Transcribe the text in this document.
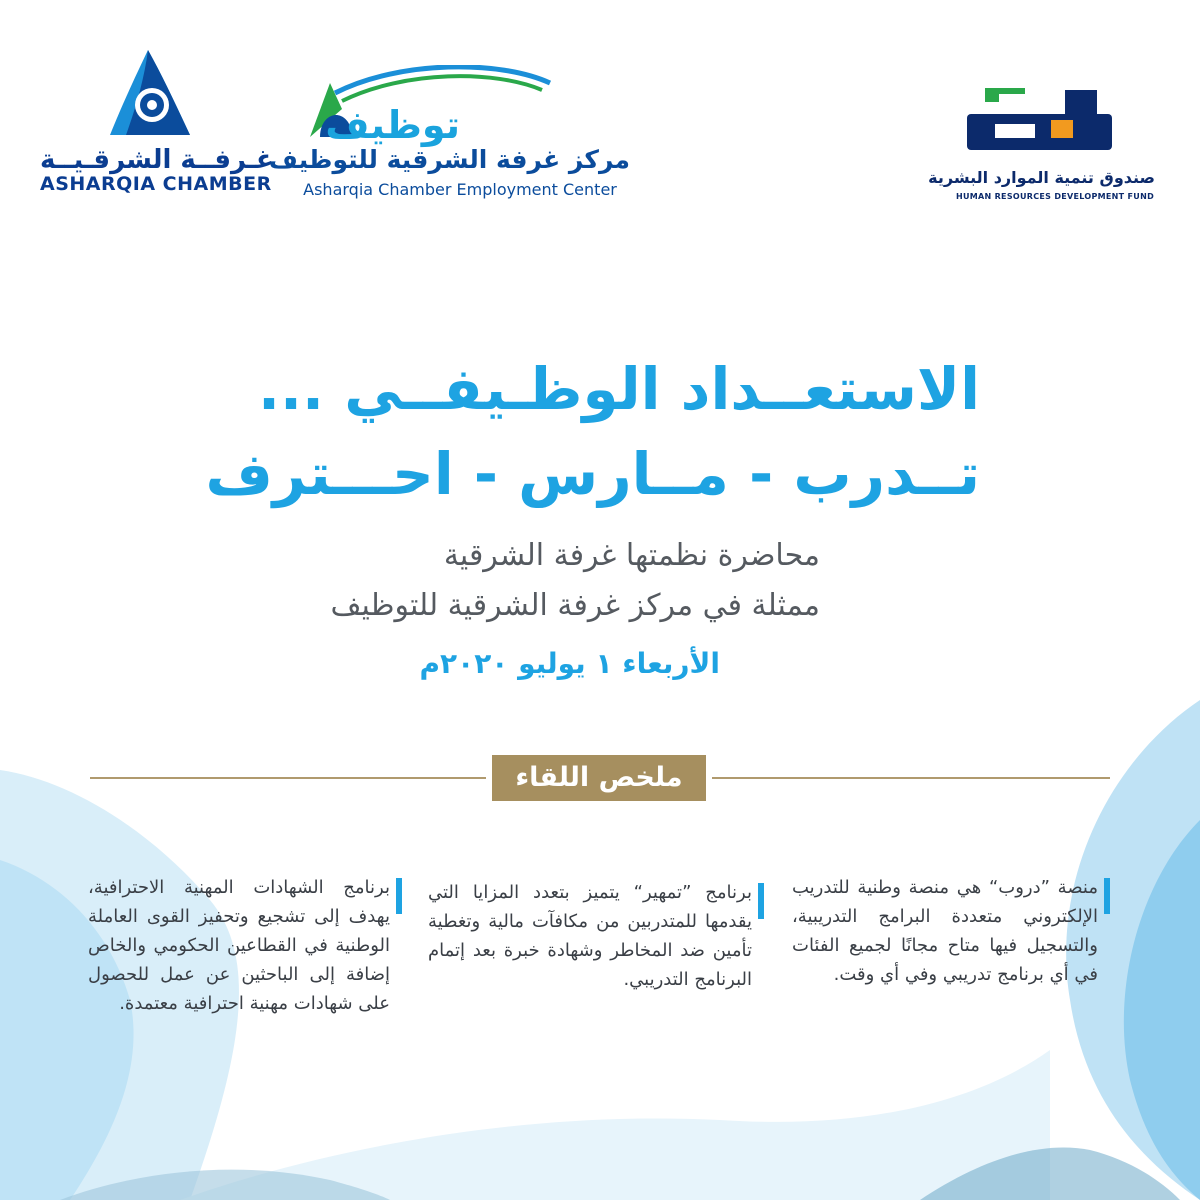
غـرفــة الشرقـيــة
ASHARQIA CHAMBER
توظيف
مركز غرفة الشرقية للتوظيف
Asharqia Chamber Employment Center
صندوق تنمية الموارد البشرية
HUMAN RESOURCES DEVELOPMENT FUND
الاستعــداد الوظـيفــي ...
تــدرب - مــارس - احـــترف
محاضرة نظمتها غرفة الشرقية
ممثلة في مركز غرفة الشرقية للتوظيف
الأربعاء ١ يوليو ٢٠٢٠م
ملخص اللقاء
منصة ”دروب“ هي منصة وطنية للتدريب الإلكتروني متعددة البرامج التدريبية، والتسجيل فيها متاح مجانًا لجميع الفئات في أي برنامج تدريبي وفي أي وقت.
برنامج ”تمهير“ يتميز بتعدد المزايا التي يقدمها للمتدربين من مكافآت مالية وتغطية تأمين ضد المخاطر وشهادة خبرة بعد إتمام البرنامج التدريبي.
برنامج الشهادات المهنية الاحترافية، يهدف إلى تشجيع وتحفيز القوى العاملة الوطنية في القطاعين الحكومي والخاص إضافة إلى الباحثين عن عمل للحصول على شهادات مهنية احترافية معتمدة.
